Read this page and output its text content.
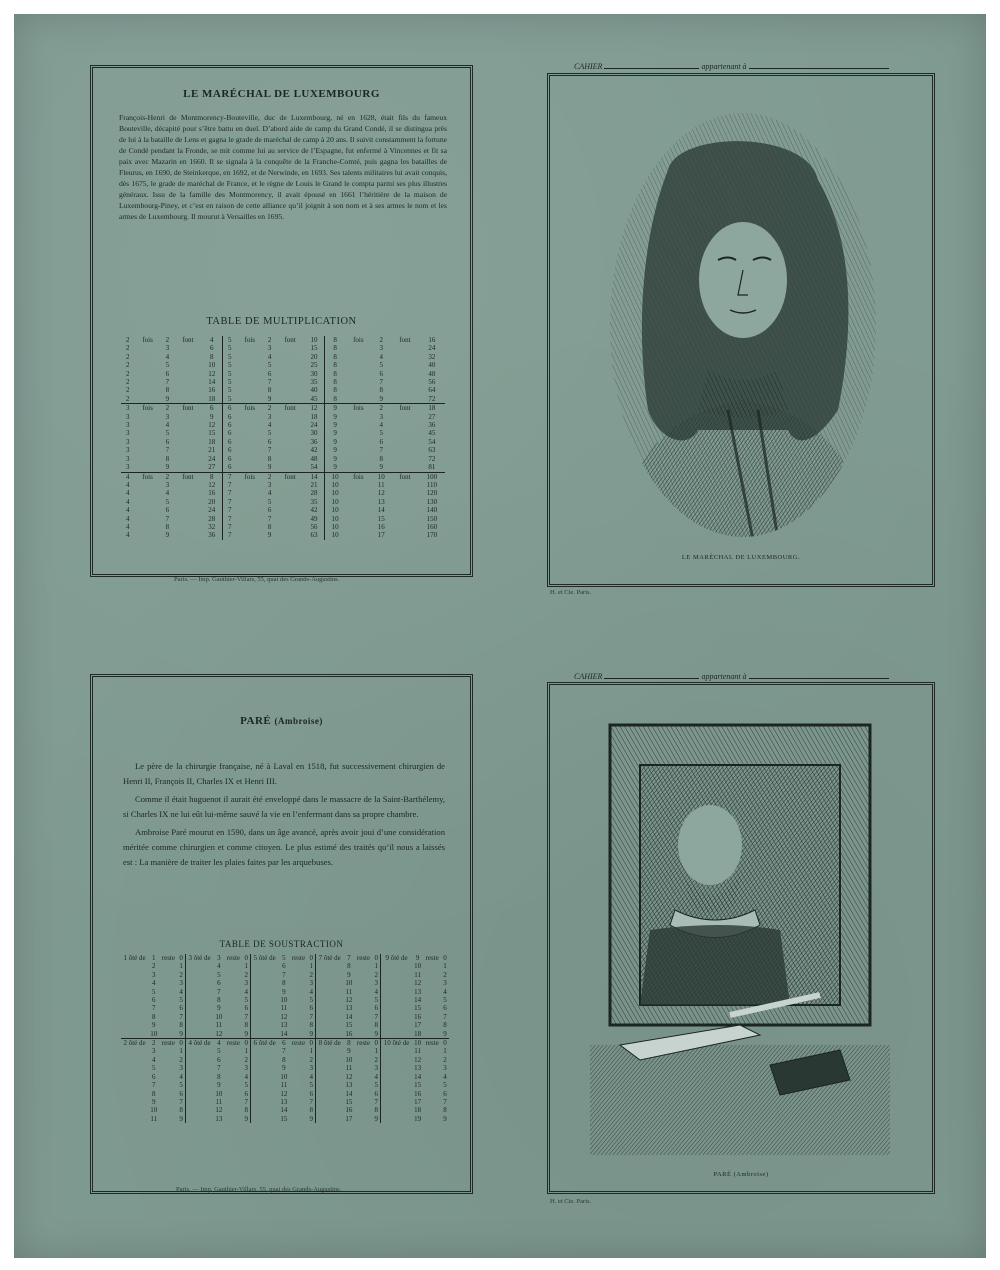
LE MARÉCHAL DE LUXEMBOURG
François-Henri de Montmorency-Bouteville, duc de Luxembourg, né en 1628, était fils du fameux Bouteville, décapité pour s’être battu en duel. D’abord aide de camp du Grand Condé, il se distingua près de lui à la bataille de Lens et gagna le grade de maréchal de camp à 20 ans. Il suivit constamment la fortune de Condé pendant la Fronde, se mit comme lui au service de l’Espagne, fut enfermé à Vincennes et fit sa paix avec Mazarin en 1660. Il se signala à la conquête de la Franche-Comté, puis gagna les batailles de Fleurus, en 1690, de Steinkerque, en 1692, et de Nerwinde, en 1693. Ses talents militaires lui avait conquis, dès 1675, le grade de maréchal de France, et le règne de Louis le Grand le compta parmi ses plus illustres généraux. Issu de la famille des Montmorency, il avait épousé en 1661 l’héritière de la maison de Luxembourg-Piney, et c’est en raison de cette alliance qu’il joignit à son nom et à ses armes le nom et les armes de Luxembourg. Il mourut à Versailles en 1695.
TABLE DE MULTIPLICATION
2	fois	2	font	4	5	fois	2	font	10	8	fois	2	font	16
2		3		6	5		3		15	8		3		24
2		4		8	5		4		20	8		4		32
2		5		10	5		5		25	8		5		40
2		6		12	5		6		30	8		6		48
2		7		14	5		7		35	8		7		56
2		8		16	5		8		40	8		8		64
2		9		18	5		9		45	8		9		72
3	fois	2	font	6	6	fois	2	font	12	9	fois	2	font	18
3		3		9	6		3		18	9		3		27
3		4		12	6		4		24	9		4		36
3		5		15	6		5		30	9		5		45
3		6		18	6		6		36	9		6		54
3		7		21	6		7		42	9		7		63
3		8		24	6		8		48	9		8		72
3		9		27	6		9		54	9		9		81
4	fois	2	font	8	7	fois	2	font	14	10	fois	10	font	100
4		3		12	7		3		21	10		11		110
4		4		16	7		4		28	10		12		120
4		5		20	7		5		35	10		13		130
4		6		24	7		6		42	10		14		140
4		7		28	7		7		49	10		15		150
4		8		32	7		8		56	10		16		160
4		9		36	7		9		63	10		17		170
Paris. — Imp. Gauthier-Villars, 55, quai des Grands-Augustins.
CAHIER	appartenant à
LE MARÉCHAL DE LUXEMBOURG.
H. et Cie. Paris.
PARÉ (Ambroise)

Le père de la chirurgie française, né à Laval en 1518, fut successivement chirurgien de Henri II, François II, Charles IX et Henri III.

Comme il était huguenot il aurait été enveloppé dans le massacre de la Saint-Barthélemy, si Charles IX ne lui eût lui-même sauvé la vie en l’enfermant dans sa propre chambre.

Ambroise Paré mourut en 1590, dans un âge avancé, après avoir joui d’une considération méritée comme chirurgien et comme citoyen. Le plus estimé des traités qu’il nous a laissés est : La manière de traiter les plaies faites par les arquebuses.

TABLE DE SOUSTRACTION
1 ôté de	1	reste	0	3 ôté de	3	reste	0	5 ôté de	5	reste	0	7 ôté de	7	reste	0	9 ôté de	9	reste	0
	2		1		4		1		6		1		8		1		10		1
	3		2		5		2		7		2		9		2		11		2
	4		3		6		3		8		3		10		3		12		3
	5		4		7		4		9		4		11		4		13		4
	6		5		8		5		10		5		12		5		14		5
	7		6		9		6		11		6		13		6		15		6
	8		7		10		7		12		7		14		7		16		7
	9		8		11		8		13		8		15		8		17		8
	10		9		12		9		14		9		16		9		18		9
2 ôté de	2	reste	0	4 ôté de	4	reste	0	6 ôté de	6	reste	0	8 ôté de	8	reste	0	10 ôté de	10	reste	0
	3		1		5		1		7		1		9		1		11		1
	4		2		6		2		8		2		10		2		12		2
	5		3		7		3		9		3		11		3		13		3
	6		4		8		4		10		4		12		4		14		4
	7		5		9		5		11		5		13		5		15		5
	8		6		10		6		12		6		14		6		16		6
	9		7		11		7		13		7		15		7		17		7
	10		8		12		8		14		8		16		8		18		8
	11		9		13		9		15		9		17		9		19		9
Paris. — Imp. Gauthier-Villars, 55, quai des Grands-Augustins.
CAHIER	appartenant à
PARÉ (Ambroise)
H. et Cie. Paris.
